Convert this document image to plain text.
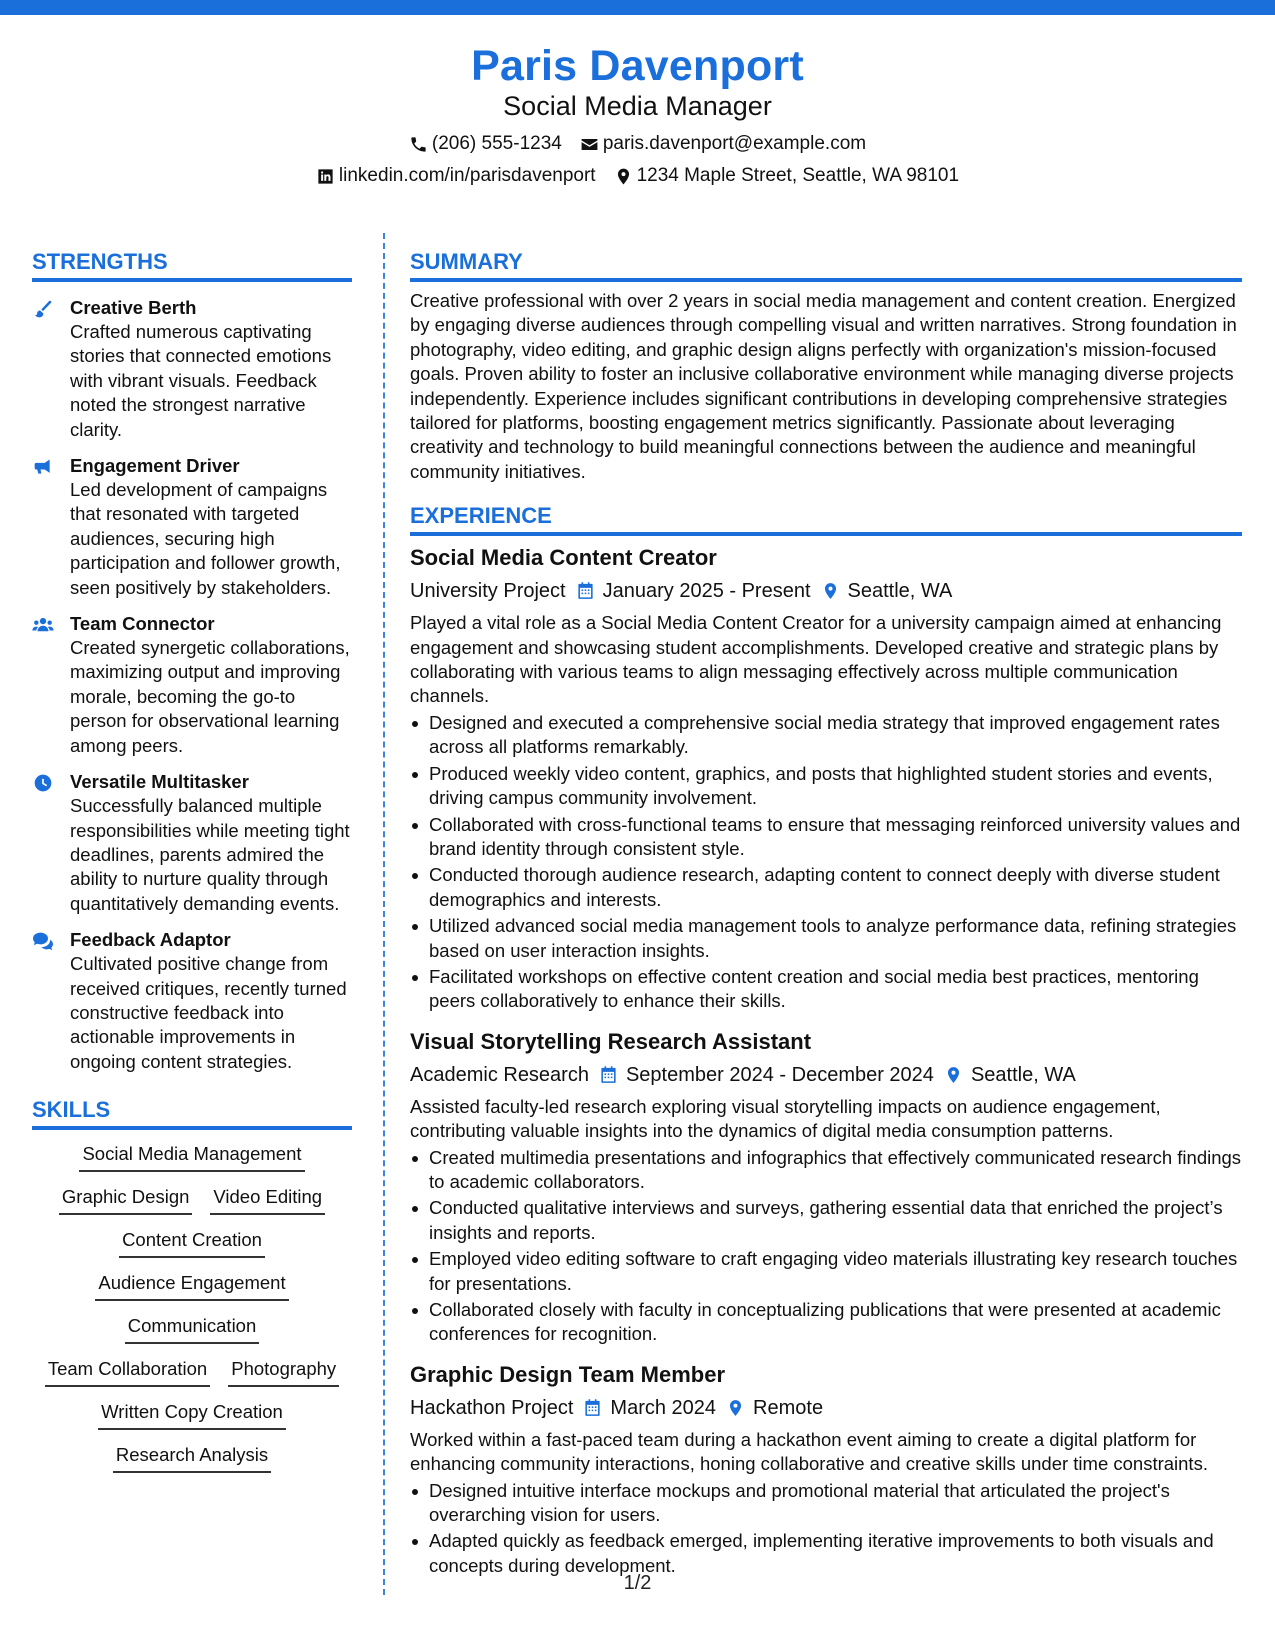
Paris Davenport
Social Media Manager
(206) 555-1234 paris.davenport@example.com
linkedin.com/in/parisdavenport 1234 Maple Street, Seattle, WA 98101
STRENGTHS
Creative Berth
Crafted numerous captivating stories that connected emotions with vibrant visuals. Feedback noted the strongest narrative clarity.
Engagement Driver
Led development of campaigns that resonated with targeted audiences, securing high participation and follower growth, seen positively by stakeholders.
Team Connector
Created synergetic collaborations, maximizing output and improving morale, becoming the go-to person for observational learning among peers.
Versatile Multitasker
Successfully balanced multiple responsibilities while meeting tight deadlines, parents admired the ability to nurture quality through quantitatively demanding events.
Feedback Adaptor
Cultivated positive change from received critiques, recently turned constructive feedback into actionable improvements in ongoing content strategies.
SKILLS
Social Media Management
Graphic Design Video Editing
Content Creation
Audience Engagement
Communication
Team Collaboration Photography
Written Copy Creation
Research Analysis
SUMMARY
Creative professional with over 2 years in social media management and content creation. Energized by engaging diverse audiences through compelling visual and written narratives. Strong foundation in photography, video editing, and graphic design aligns perfectly with organization's mission-focused goals. Proven ability to foster an inclusive collaborative environment while managing diverse projects independently. Experience includes significant contributions in developing comprehensive strategies tailored for platforms, boosting engagement metrics significantly. Passionate about leveraging creativity and technology to build meaningful connections between the audience and meaningful community initiatives.
EXPERIENCE
Social Media Content Creator
University Project January 2025 - Present Seattle, WA
Played a vital role as a Social Media Content Creator for a university campaign aimed at enhancing engagement and showcasing student accomplishments. Developed creative and strategic plans by collaborating with various teams to align messaging effectively across multiple communication channels.
Designed and executed a comprehensive social media strategy that improved engagement rates across all platforms remarkably.
Produced weekly video content, graphics, and posts that highlighted student stories and events, driving campus community involvement.
Collaborated with cross-functional teams to ensure that messaging reinforced university values and brand identity through consistent style.
Conducted thorough audience research, adapting content to connect deeply with diverse student demographics and interests.
Utilized advanced social media management tools to analyze performance data, refining strategies based on user interaction insights.
Facilitated workshops on effective content creation and social media best practices, mentoring peers collaboratively to enhance their skills.
Visual Storytelling Research Assistant
Academic Research September 2024 - December 2024 Seattle, WA
Assisted faculty-led research exploring visual storytelling impacts on audience engagement, contributing valuable insights into the dynamics of digital media consumption patterns.
Created multimedia presentations and infographics that effectively communicated research findings to academic collaborators.
Conducted qualitative interviews and surveys, gathering essential data that enriched the project’s insights and reports.
Employed video editing software to craft engaging video materials illustrating key research touches for presentations.
Collaborated closely with faculty in conceptualizing publications that were presented at academic conferences for recognition.
Graphic Design Team Member
Hackathon Project March 2024 Remote
Worked within a fast-paced team during a hackathon event aiming to create a digital platform for enhancing community interactions, honing collaborative and creative skills under time constraints.
Designed intuitive interface mockups and promotional material that articulated the project's overarching vision for users.
Adapted quickly as feedback emerged, implementing iterative improvements to both visuals and concepts during development.
1/2
